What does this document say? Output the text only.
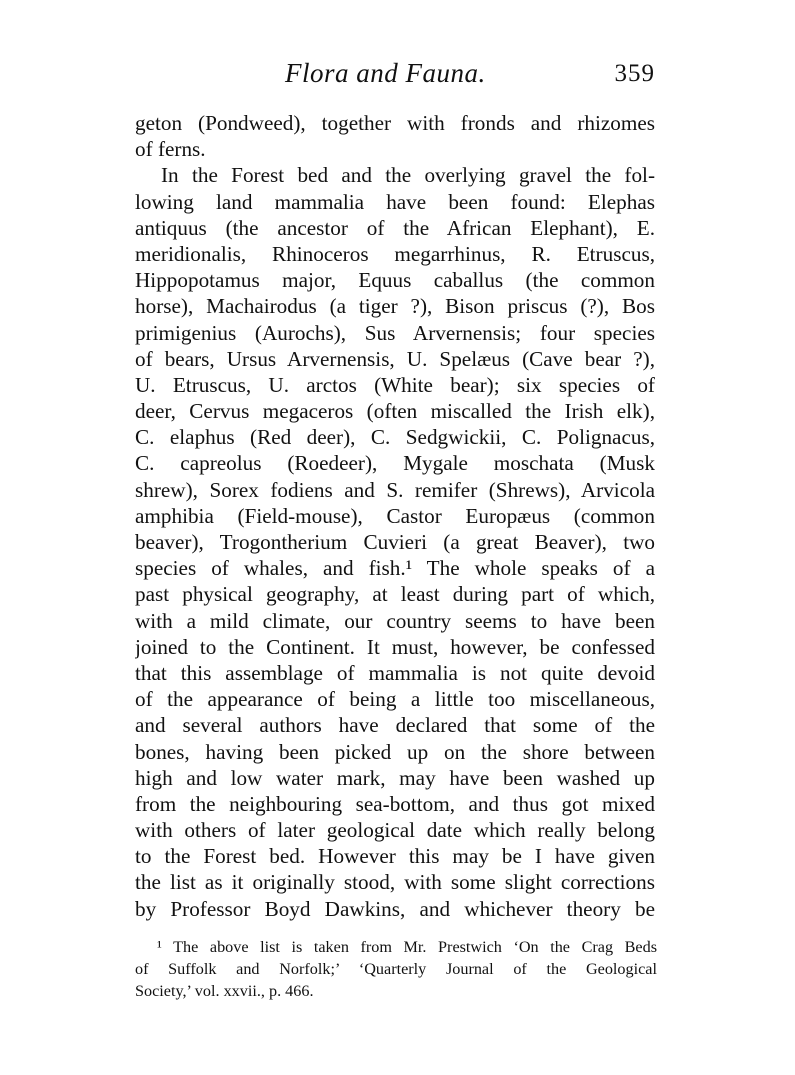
Flora and Fauna.	359
geton (Pondweed), together with fronds and rhizomes
of ferns.
In the Forest bed and the overlying gravel the fol-
lowing land mammalia have been found: Elephas
antiquus (the ancestor of the African Elephant), E.
meridionalis, Rhinoceros megarrhinus, R. Etruscus,
Hippopotamus major, Equus caballus (the common
horse), Machairodus (a tiger ?), Bison priscus (?), Bos
primigenius (Aurochs), Sus Arvernensis; four species
of bears, Ursus Arvernensis, U. Spelæus (Cave bear ?),
U. Etruscus, U. arctos (White bear); six species of
deer, Cervus megaceros (often miscalled the Irish elk),
C. elaphus (Red deer), C. Sedgwickii, C. Polignacus,
C. capreolus (Roedeer), Mygale moschata (Musk
shrew), Sorex fodiens and S. remifer (Shrews), Arvicola
amphibia (Field-mouse), Castor Europæus (common
beaver), Trogontherium Cuvieri (a great Beaver), two
species of whales, and fish.¹ The whole speaks of a
past physical geography, at least during part of which,
with a mild climate, our country seems to have been
joined to the Continent. It must, however, be confessed
that this assemblage of mammalia is not quite devoid
of the appearance of being a little too miscellaneous,
and several authors have declared that some of the
bones, having been picked up on the shore between
high and low water mark, may have been washed up
from the neighbouring sea-bottom, and thus got mixed
with others of later geological date which really belong
to the Forest bed. However this may be I have given
the list as it originally stood, with some slight corrections
by Professor Boyd Dawkins, and whichever theory be
¹ The above list is taken from Mr. Prestwich ‘On the Crag Beds
of Suffolk and Norfolk;’ ‘Quarterly Journal of the Geological
Society,’ vol. xxvii., p. 466.
